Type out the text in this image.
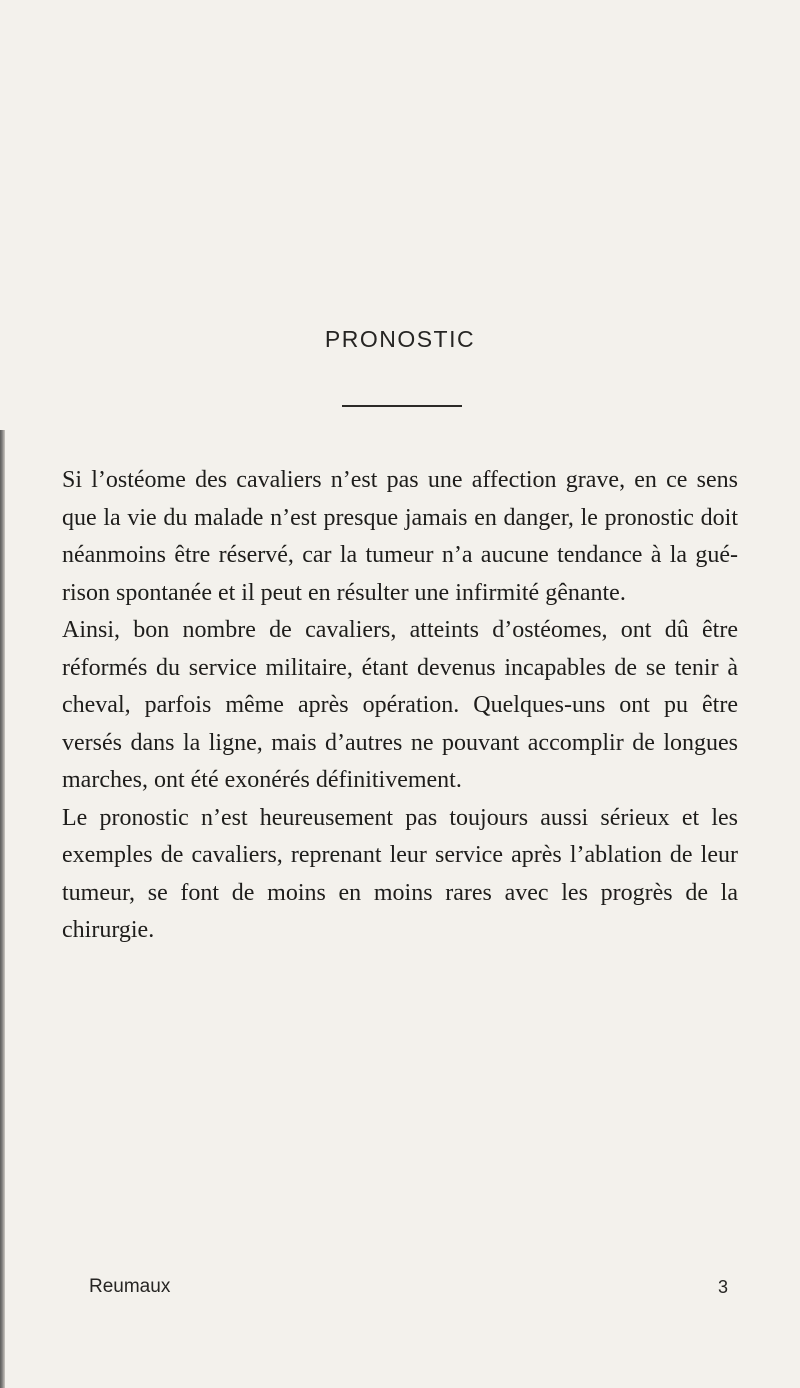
PRONOSTIC

Si l’ostéome des cavaliers n’est pas une affection grave, en ce sens que la vie du malade n’est presque jamais en danger, le pronostic doit néanmoins être réservé, car la tumeur n’a aucune tendance à la gué-rison spontanée et il peut en résulter une infirmité gênante.

Ainsi, bon nombre de cavaliers, atteints d’ostéomes, ont dû être réformés du service militaire, étant devenus incapables de se tenir à cheval, parfois même après opération. Quelques-uns ont pu être versés dans la ligne, mais d’autres ne pouvant accomplir de longues marches, ont été exonérés définitivement.

Le pronostic n’est heureusement pas toujours aussi sérieux et les exemples de cavaliers, reprenant leur service après l’ablation de leur tumeur, se font de moins en moins rares avec les progrès de la chirurgie.

Reumaux	3
